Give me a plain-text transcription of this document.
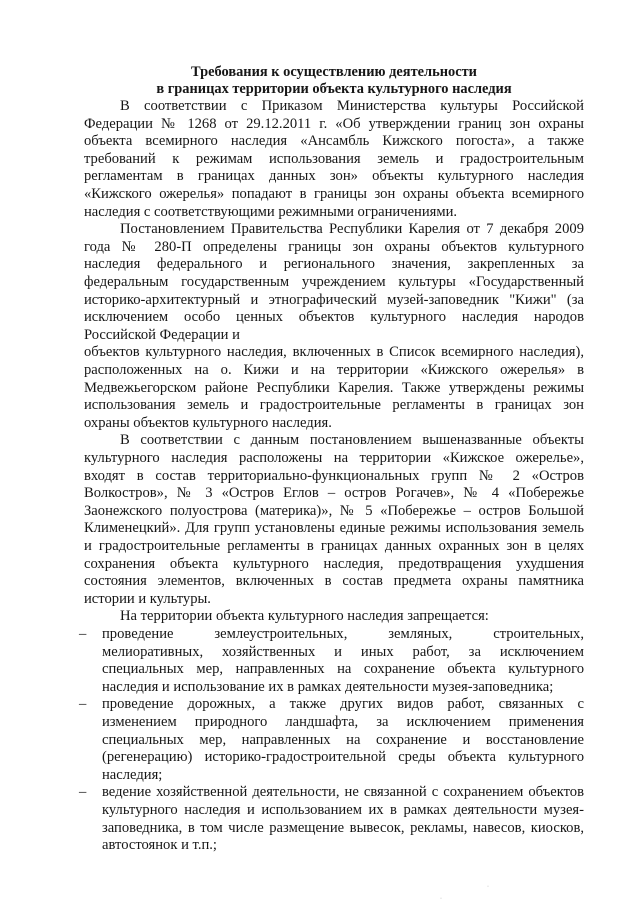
Требования к осуществлению деятельности
в границах территории объекта культурного наследия
В соответствии с Приказом Министерства культуры Российской
Федерации № 1268 от 29.12.2011 г. «Об утверждении границ зон охраны
объекта всемирного наследия «Ансамбль Кижского погоста», а также
требований к режимам использования земель и градостроительным
регламентам в границах данных зон» объекты культурного наследия
«Кижского ожерелья» попадают в границы зон охраны объекта всемирного
наследия с соответствующими режимными ограничениями.
Постановлением Правительства Республики Карелия от 7 декабря 2009
года № 280-П определены границы зон охраны объектов культурного
наследия федерального и регионального значения, закрепленных за
федеральным государственным учреждением культуры «Государственный
историко-архитектурный и этнографический музей-заповедник "Кижи" (за
исключением особо ценных объектов культурного наследия народов
Российской Федерации и
объектов культурного наследия, включенных в Список всемирного наследия),
расположенных на о. Кижи и на территории «Кижского ожерелья» в
Медвежьегорском районе Республики Карелия. Также утверждены режимы
использования земель и градостроительные регламенты в границах зон
охраны объектов культурного наследия.
В соответствии с данным постановлением вышеназванные объекты
культурного наследия расположены на территории «Кижское ожерелье»,
входят в состав территориально-функциональных групп № 2 «Остров
Волкостров», № 3 «Остров Еглов – остров Рогачев», № 4 «Побережье
Заонежского полуострова (материка)», № 5 «Побережье – остров Большой
Клименецкий». Для групп установлены единые режимы использования земель
и градостроительные регламенты в границах данных охранных зон в целях
сохранения объекта культурного наследия, предотвращения ухудшения
состояния элементов, включенных в состав предмета охраны памятника
истории и культуры.
На территории объекта культурного наследия запрещается:
–	проведение землеустроительных, земляных, строительных,
мелиоративных, хозяйственных и иных работ, за исключением
специальных мер, направленных на сохранение объекта культурного
наследия и использование их в рамках деятельности музея-заповедника;
–	проведение дорожных, а также других видов работ, связанных с
изменением природного ландшафта, за исключением применения
специальных мер, направленных на сохранение и восстановление
(регенерацию) историко-градостроительной среды объекта культурного
наследия;
–	ведение хозяйственной деятельности, не связанной с сохранением объектов
культурного наследия и использованием их в рамках деятельности музея-
заповедника, в том числе размещение вывесок, рекламы, навесов, киосков,
автостоянок и т.п.;
·
·
